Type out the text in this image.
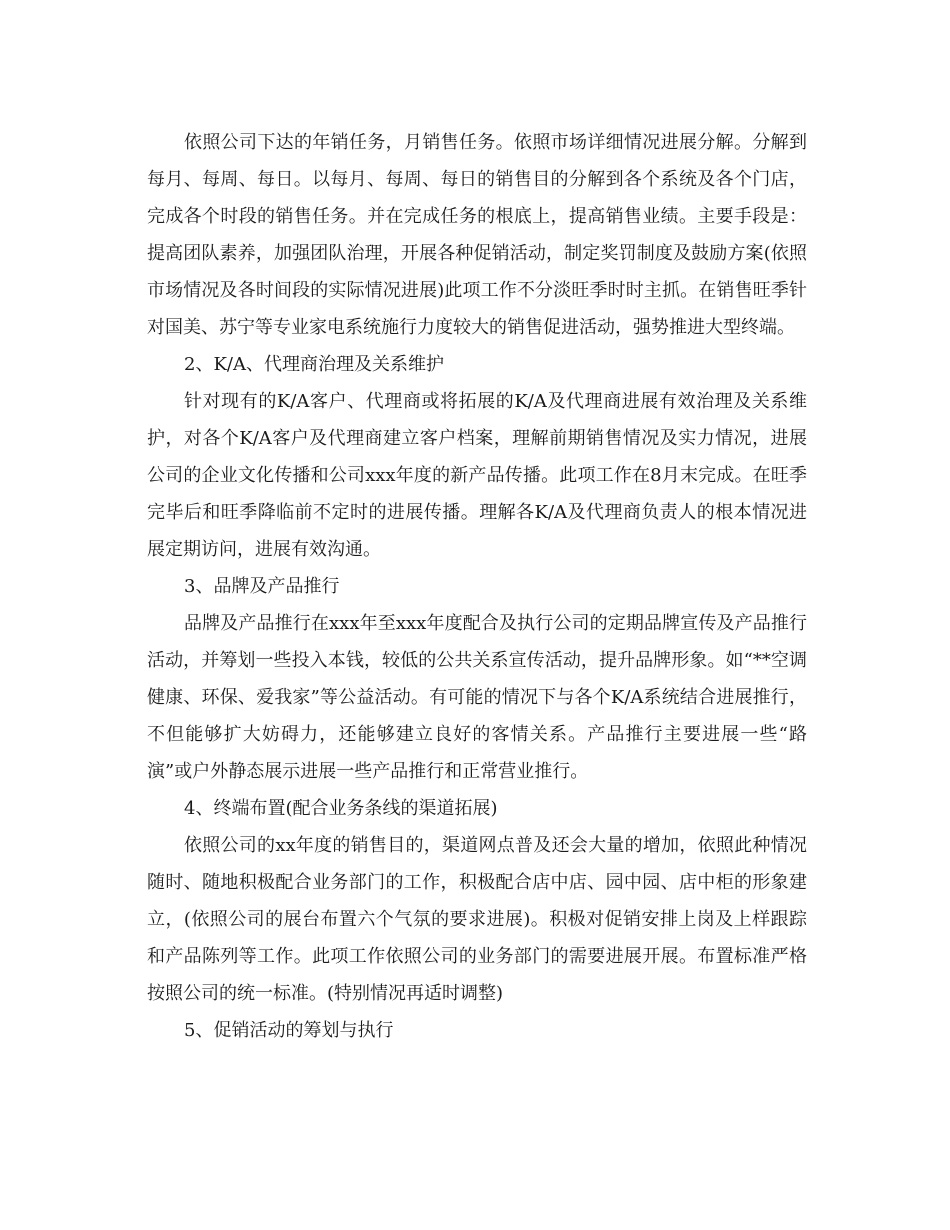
依照公司下达的年销任务，月销售任务。依照市场详细情况进展分解。分解到每月、每周、每日。以每月、每周、每日的销售目的分解到各个系统及各个门店，完成各个时段的销售任务。并在完成任务的根底上，提高销售业绩。主要手段是：提高团队素养，加强团队治理，开展各种促销活动，制定奖罚制度及鼓励方案(依照市场情况及各时间段的实际情况进展)此项工作不分淡旺季时时主抓。在销售旺季针对国美、苏宁等专业家电系统施行力度较大的销售促进活动，强势推进大型终端。

2、K/A、代理商治理及关系维护

针对现有的K/A客户、代理商或将拓展的K/A及代理商进展有效治理及关系维护，对各个K/A客户及代理商建立客户档案，理解前期销售情况及实力情况，进展公司的企业文化传播和公司xxx年度的新产品传播。此项工作在8月末完成。在旺季完毕后和旺季降临前不定时的进展传播。理解各K/A及代理商负责人的根本情况进展定期访问，进展有效沟通。

3、品牌及产品推行

品牌及产品推行在xxx年至xxx年度配合及执行公司的定期品牌宣传及产品推行活动，并筹划一些投入本钱，较低的公共关系宣传活动，提升品牌形象。如“**空调健康、环保、爱我家”等公益活动。有可能的情况下与各个K/A系统结合进展推行，不但能够扩大妨碍力，还能够建立良好的客情关系。产品推行主要进展一些“路演”或户外静态展示进展一些产品推行和正常营业推行。

4、终端布置(配合业务条线的渠道拓展)

依照公司的xx年度的销售目的，渠道网点普及还会大量的增加，依照此种情况随时、随地积极配合业务部门的工作，积极配合店中店、园中园、店中柜的形象建立，(依照公司的展台布置六个气氛的要求进展)。积极对促销安排上岗及上样跟踪和产品陈列等工作。此项工作依照公司的业务部门的需要进展开展。布置标准严格按照公司的统一标准。(特别情况再适时调整)

5、促销活动的筹划与执行
